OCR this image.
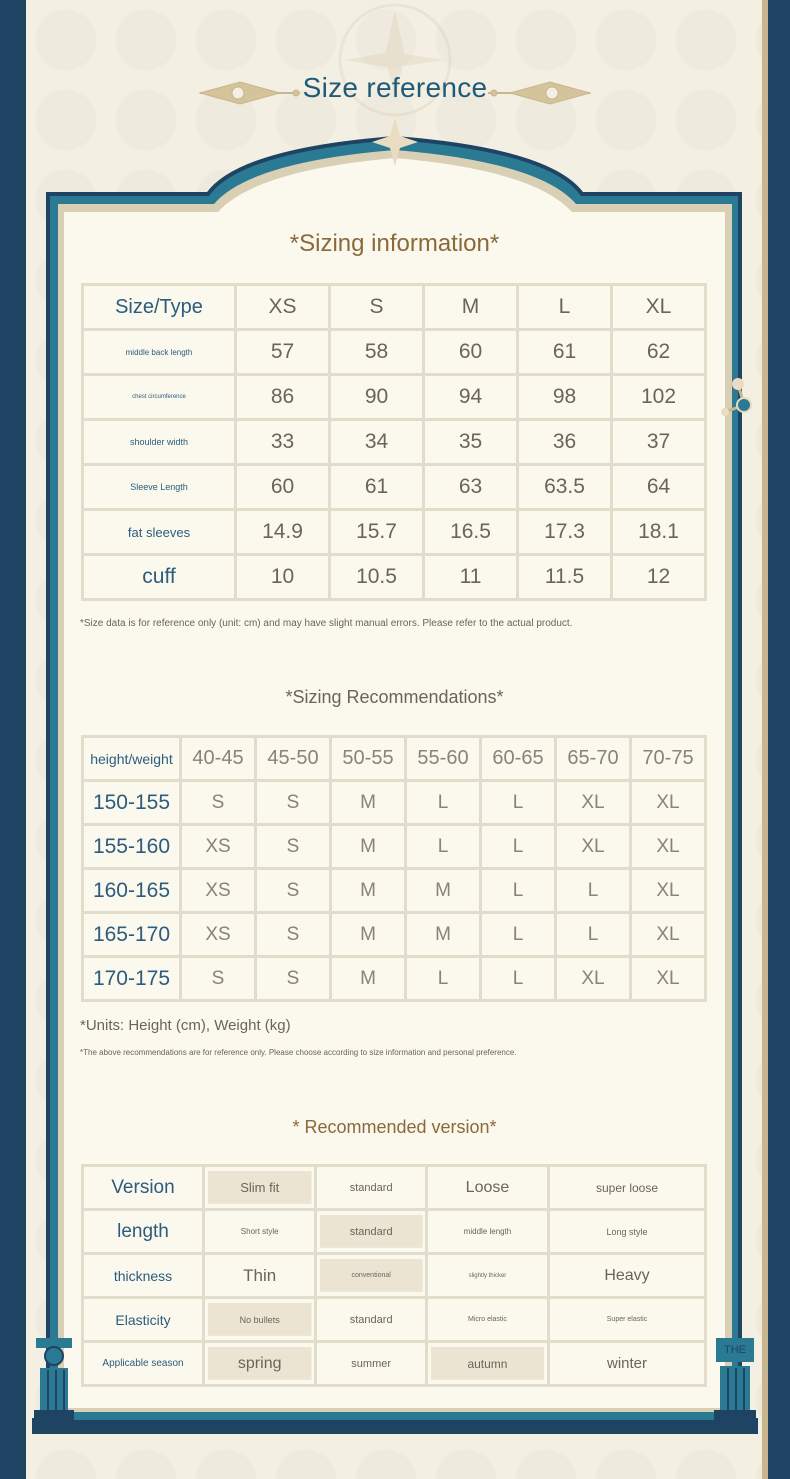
THE
Size reference
*Sizing information*
Size/Type	XS	S	M	L	XL
middle back length	57	58	60	61	62
chest circumference	86	90	94	98	102
shoulder width	33	34	35	36	37
Sleeve Length	60	61	63	63.5	64
fat sleeves	14.9	15.7	16.5	17.3	18.1
cuff	10	10.5	11	11.5	12
*Size data is for reference only (unit: cm) and may have slight manual errors. Please refer to the actual product.
*Sizing Recommendations*
height/weight	40-45	45-50	50-55	55-60	60-65	65-70	70-75
150-155	S	S	M	L	L	XL	XL
155-160	XS	S	M	L	L	XL	XL
160-165	XS	S	M	M	L	L	XL
165-170	XS	S	M	M	L	L	XL
170-175	S	S	M	L	L	XL	XL
*Units: Height (cm), Weight (kg)
*The above recommendations are for reference only. Please choose according to size information and personal preference.
* Recommended version*
Version	Slim fit	standard	Loose	super loose
length	Short style	standard	middle length	Long style
thickness	Thin	conventional	slightly thicker	Heavy
Elasticity	No bullets	standard	Micro elastic	Super elastic
Applicable season	spring	summer	autumn	winter
